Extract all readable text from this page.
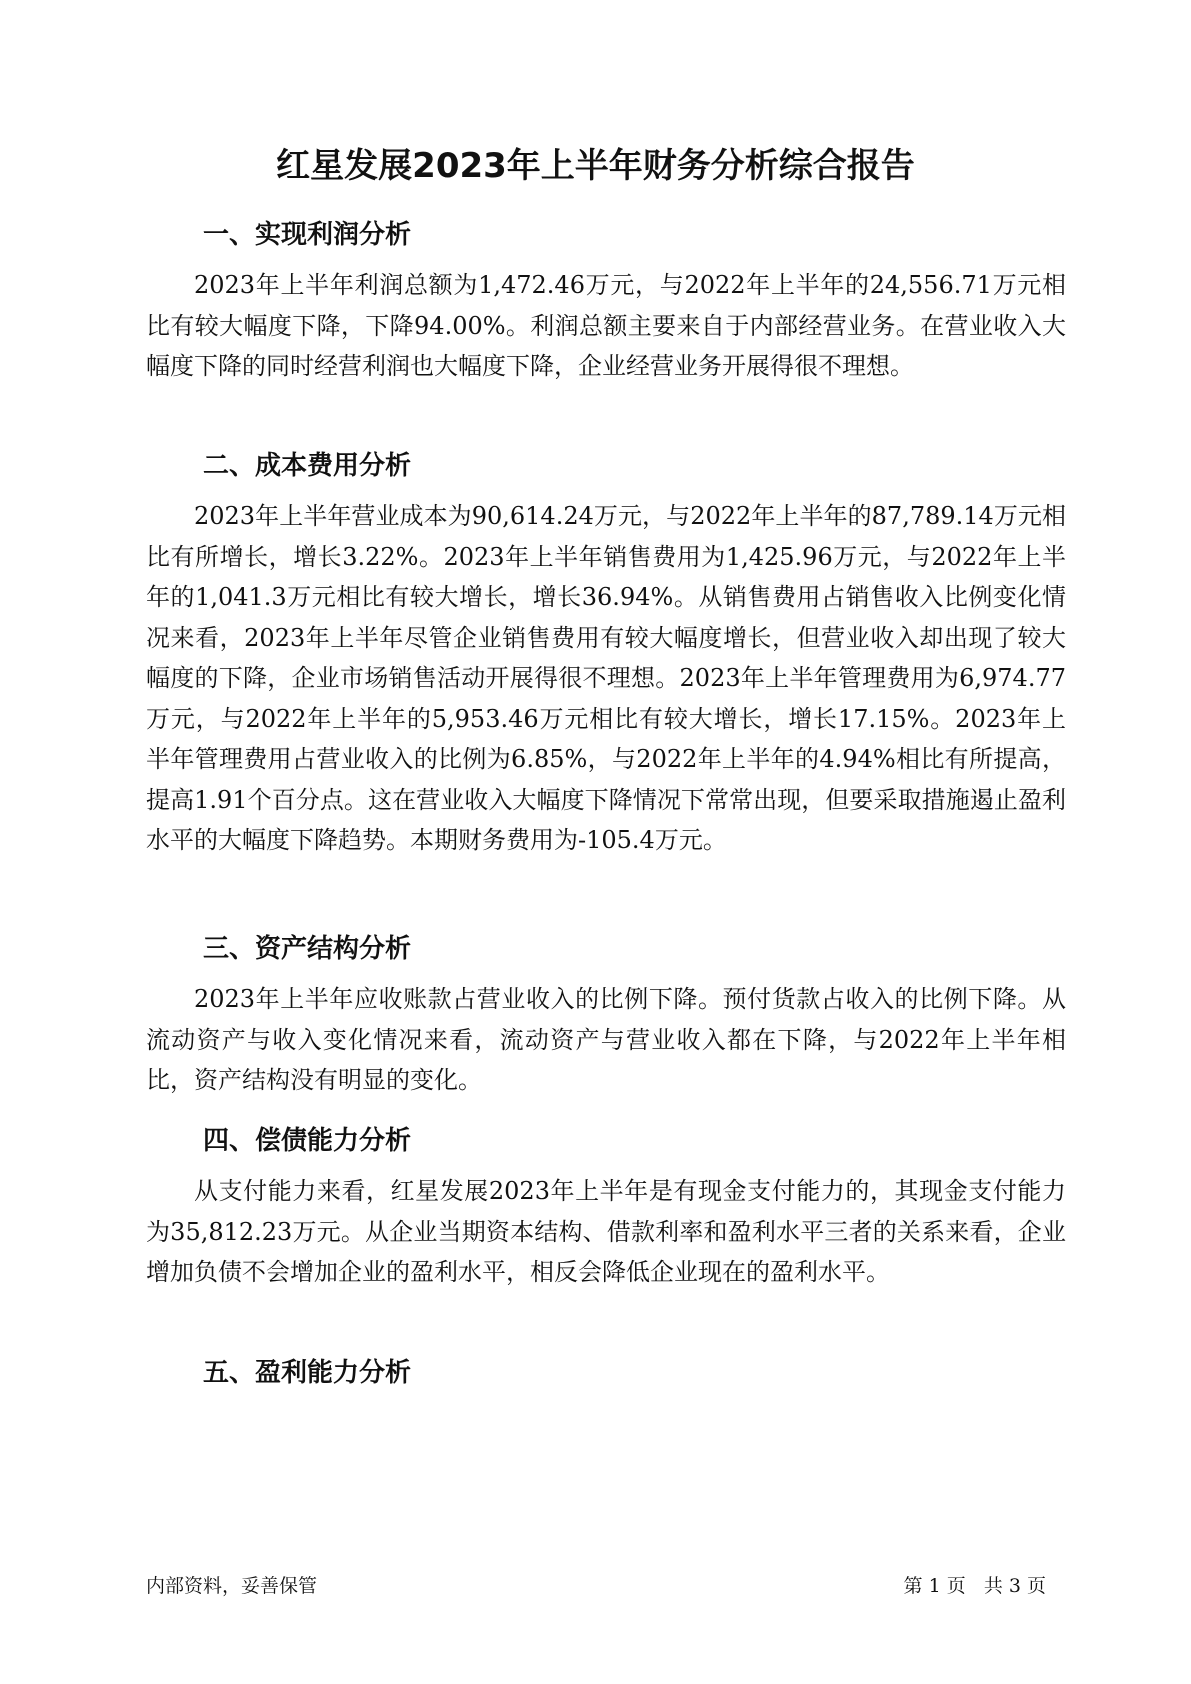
红星发展2023年上半年财务分析综合报告
一、实现利润分析

2023年上半年利润总额为1,472.46万元，与2022年上半年的24,556.71万元相比有较大幅度下降，下降94.00%。利润总额主要来自于内部经营业务。在营业收入大幅度下降的同时经营利润也大幅度下降，企业经营业务开展得很不理想。

二、成本费用分析

2023年上半年营业成本为90,614.24万元，与2022年上半年的87,789.14万元相比有所增长，增长3.22%。2023年上半年销售费用为1,425.96万元，与2022年上半年的1,041.3万元相比有较大增长，增长36.94%。从销售费用占销售收入比例变化情况来看，2023年上半年尽管企业销售费用有较大幅度增长，但营业收入却出现了较大幅度的下降，企业市场销售活动开展得很不理想。2023年上半年管理费用为6,974.77万元，与2022年上半年的5,953.46万元相比有较大增长，增长17.15%。2023年上半年管理费用占营业收入的比例为6.85%，与2022年上半年的4.94%相比有所提高，提高1.91个百分点。这在营业收入大幅度下降情况下常常出现，但要采取措施遏止盈利水平的大幅度下降趋势。本期财务费用为-105.4万元。

三、资产结构分析

2023年上半年应收账款占营业收入的比例下降。预付货款占收入的比例下降。从流动资产与收入变化情况来看，流动资产与营业收入都在下降，与2022年上半年相比，资产结构没有明显的变化。

四、偿债能力分析

从支付能力来看，红星发展2023年上半年是有现金支付能力的，其现金支付能力为35,812.23万元。从企业当期资本结构、借款利率和盈利水平三者的关系来看，企业增加负债不会增加企业的盈利水平，相反会降低企业现在的盈利水平。

五、盈利能力分析
内部资料，妥善保管	第 1 页   共 3 页
